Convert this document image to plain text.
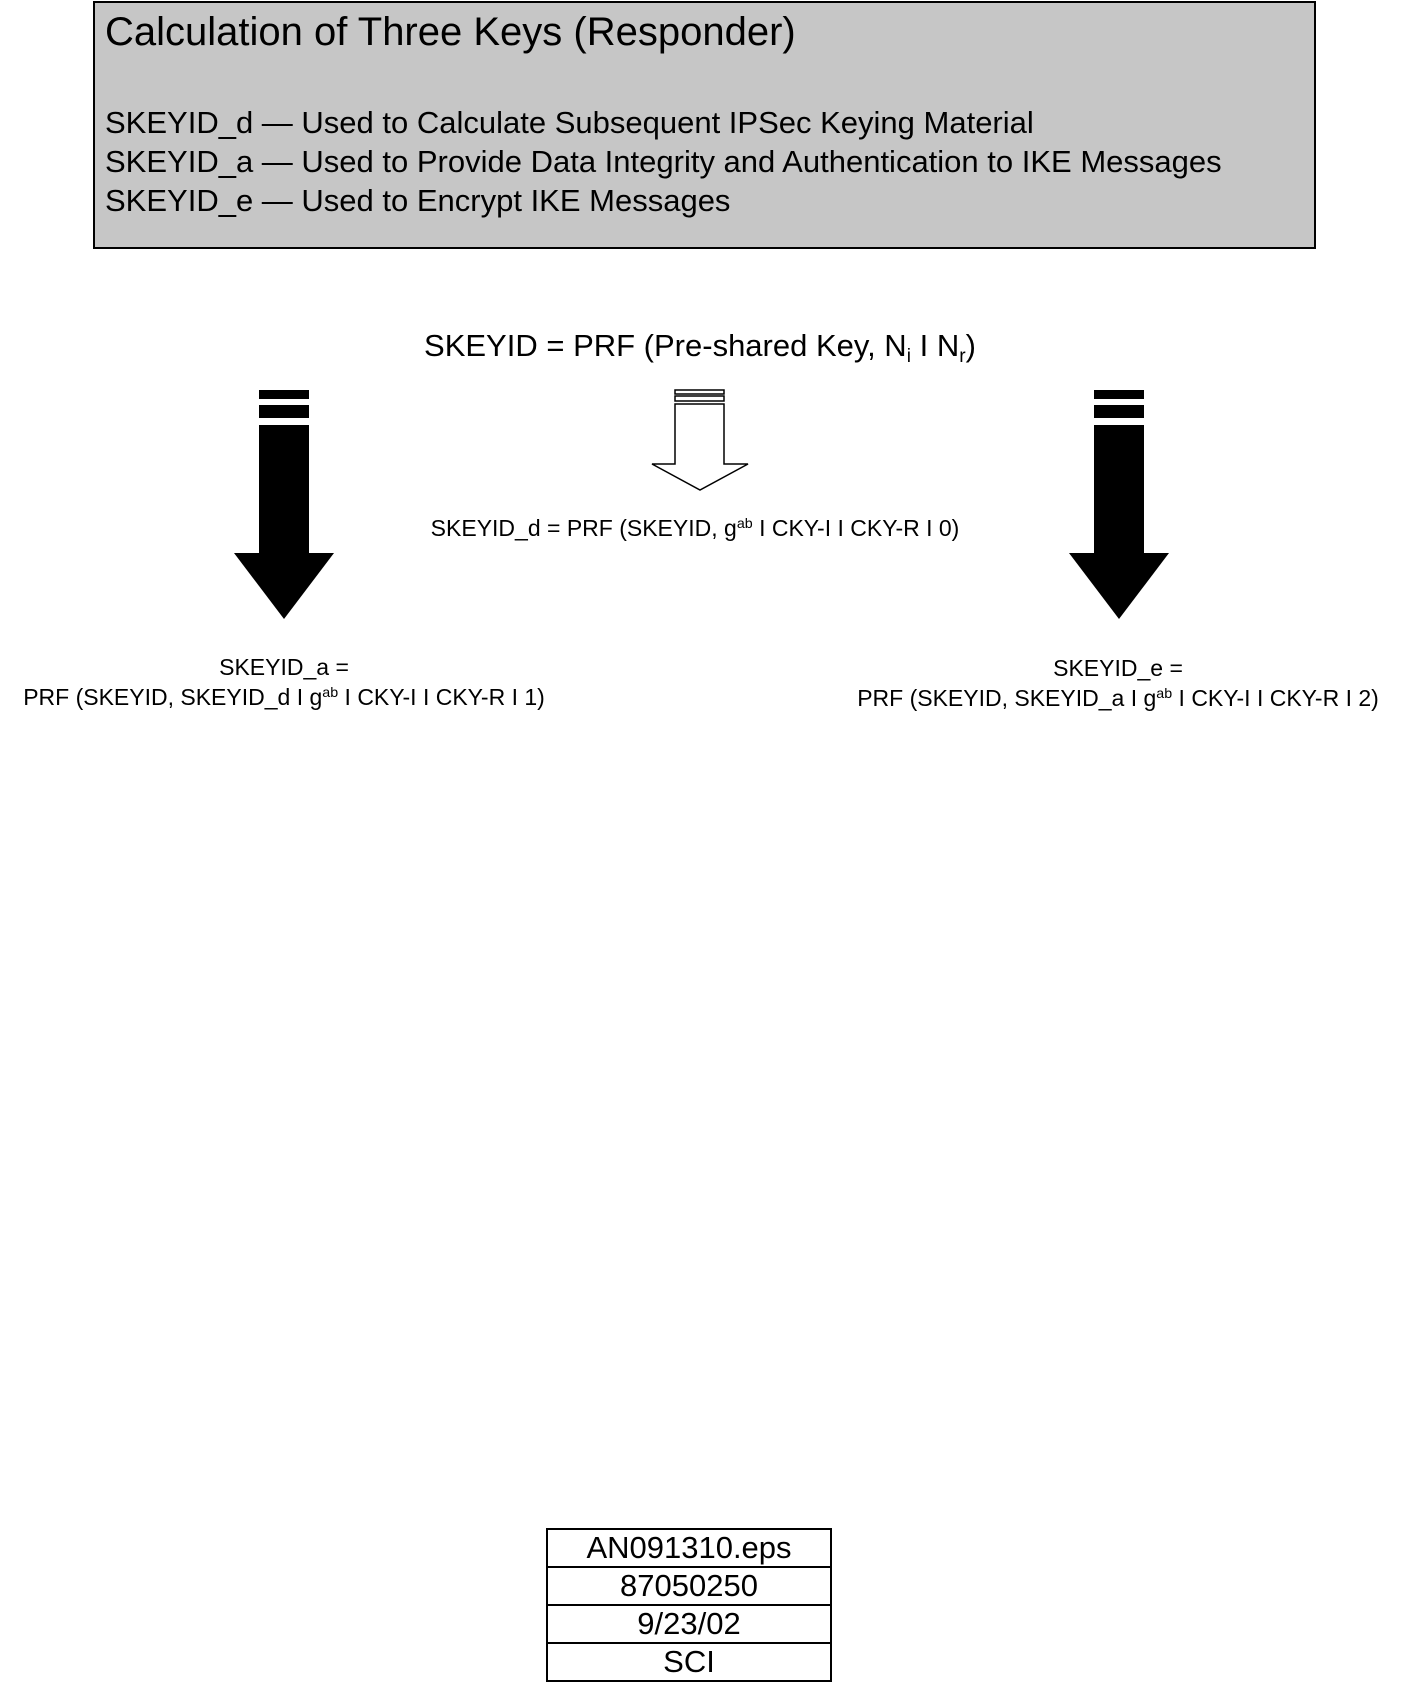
Calculation of Three Keys (Responder)
SKEYID_d — Used to Calculate Subsequent IPSec Keying Material
SKEYID_a — Used to Provide Data Integrity and Authentication to IKE Messages
SKEYID_e — Used to Encrypt IKE Messages
SKEYID = PRF (Pre-shared Key, $N_i$ I $N_r$)
SKEYID_d = PRF (SKEYID, $g^{ab}$ I CKY-I I CKY-R I 0)
SKEYID_a =
PRF (SKEYID, SKEYID_d I $g^{ab}$ I CKY-I I CKY-R I 1)
SKEYID_e =
PRF (SKEYID, SKEYID_a I $g^{ab}$ I CKY-I I CKY-R I 2)
AN091310.eps
87050250
9/23/02
SCI
